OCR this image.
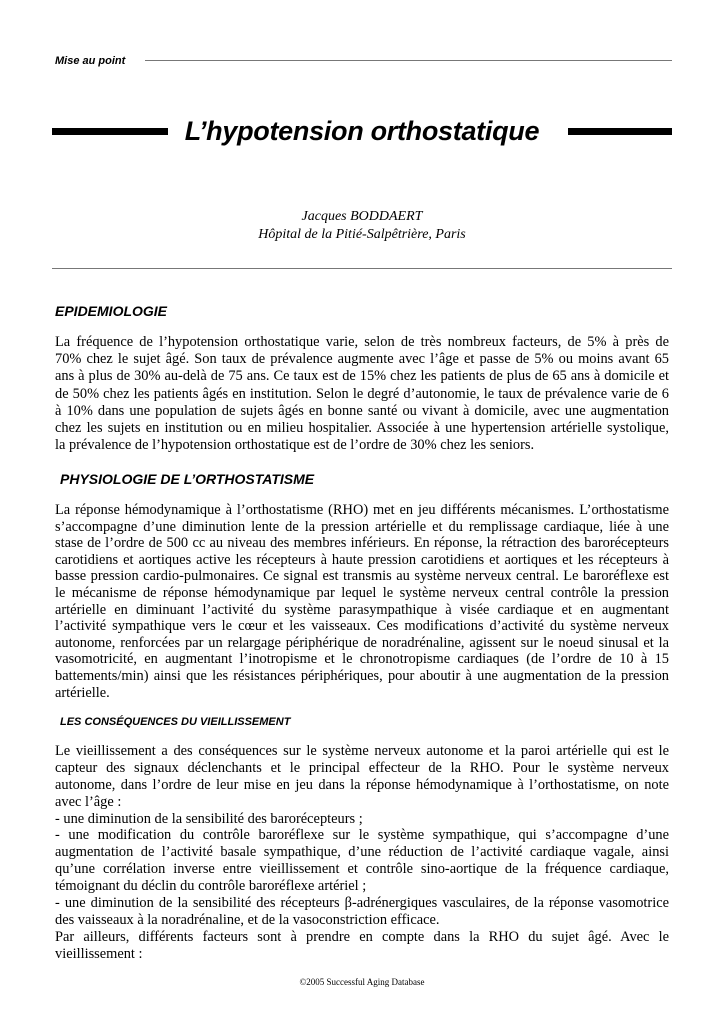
Mise au point
L’hypotension orthostatique
Jacques BODDAERT
Hôpital de la Pitié-Salpêtrière, Paris
EPIDEMIOLOGIE
La fréquence de l’hypotension orthostatique varie, selon de très nombreux facteurs, de 5% à près de
70% chez le sujet âgé. Son taux de prévalence augmente avec l’âge et passe de 5% ou moins avant 65
ans à plus de 30% au-delà de 75 ans. Ce taux est de 15% chez les patients de plus de 65 ans à domicile et
de 50% chez les patients âgés en institution. Selon le degré d’autonomie, le taux de prévalence varie de 6
à 10% dans une population de sujets âgés en bonne santé ou vivant à domicile, avec une augmentation
chez les sujets en institution ou en milieu hospitalier. Associée à une hypertension artérielle systolique,
la prévalence de l’hypotension orthostatique est de l’ordre de 30% chez les seniors.
PHYSIOLOGIE DE L’ORTHOSTATISME
La réponse hémodynamique à l’orthostatisme (RHO) met en jeu différents mécanismes. L’orthostatisme
s’accompagne d’une diminution lente de la pression artérielle et du remplissage cardiaque, liée à une
stase de l’ordre de 500 cc au niveau des membres inférieurs. En réponse, la rétraction des barorécepteurs
carotidiens et aortiques active les récepteurs à haute pression carotidiens et aortiques et les récepteurs à
basse pression cardio-pulmonaires. Ce signal est transmis au système nerveux central. Le baroréflexe est
le mécanisme de réponse hémodynamique par lequel le système nerveux central contrôle la pression
artérielle en diminuant l’activité du système parasympathique à visée cardiaque et en augmentant
l’activité sympathique vers le cœur et les vaisseaux. Ces modifications d’activité du système nerveux
autonome, renforcées par un relargage périphérique de noradrénaline, agissent sur le noeud sinusal et la
vasomotricité, en augmentant l’inotropisme et le chronotropisme cardiaques (de l’ordre de 10 à 15
battements/min) ainsi que les résistances périphériques, pour aboutir à une augmentation de la pression
artérielle.
LES CONSÉQUENCES DU VIEILLISSEMENT
Le vieillissement a des conséquences sur le système nerveux autonome et la paroi artérielle qui est le
capteur des signaux déclenchants et le principal effecteur de la RHO. Pour le système nerveux
autonome, dans l’ordre de leur mise en jeu dans la réponse hémodynamique à l’orthostatisme, on note
avec l’âge :
- une diminution de la sensibilité des barorécepteurs ;
- une modification du contrôle baroréflexe sur le système sympathique, qui s’accompagne d’une
augmentation de l’activité basale sympathique, d’une réduction de l’activité cardiaque vagale, ainsi
qu’une corrélation inverse entre vieillissement et contrôle sino-aortique de la fréquence cardiaque,
témoignant du déclin du contrôle baroréflexe artériel ;
- une diminution de la sensibilité des récepteurs β-adrénergiques vasculaires, de la réponse vasomotrice
des vaisseaux à la noradrénaline, et de la vasoconstriction efficace.
Par ailleurs, différents facteurs sont à prendre en compte dans la RHO du sujet âgé. Avec le
vieillissement :
©2005 Successful Aging Database
